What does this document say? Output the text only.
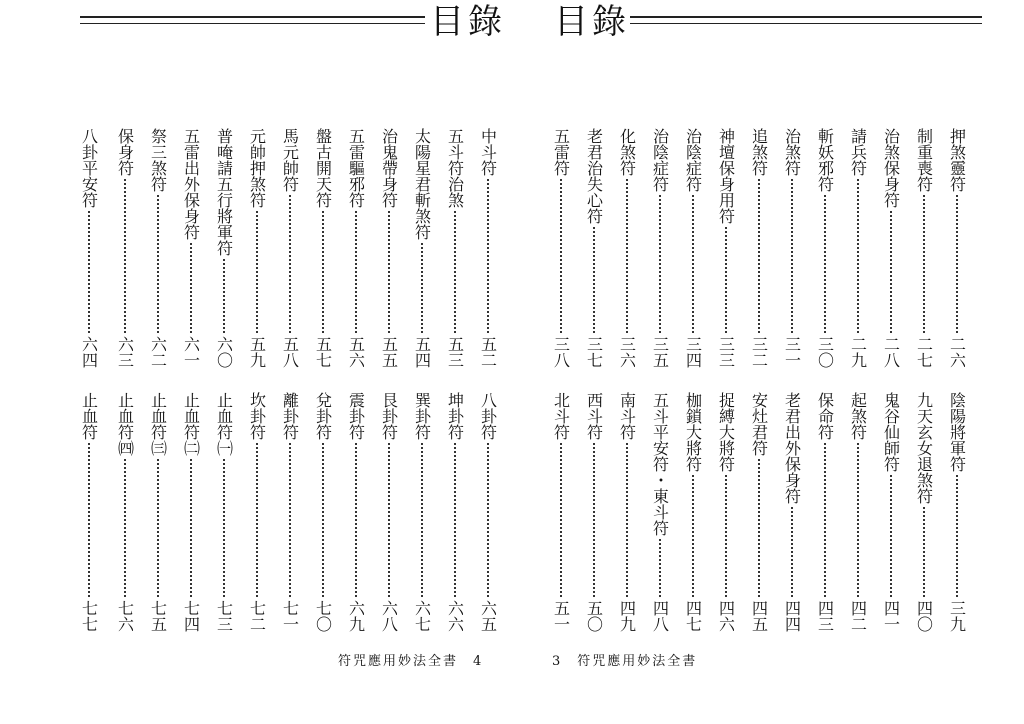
目錄
中斗符
五二
五斗符治煞
五三
太陽星君斬煞符
五四
治鬼帶身符
五五
五雷驅邪符
五六
盤古開天符
五七
馬元帥符
五八
元帥押煞符
五九
普唵請五行將軍符
六〇
五雷出外保身符
六一
祭三煞符
六二
保身符
六三
八卦平安符
六四
八卦符
六五
坤卦符
六六
巽卦符
六七
艮卦符
六八
震卦符
六九
兌卦符
七〇
離卦符
七一
坎卦符
七二
止血符㈠
七三
止血符㈡
七四
止血符㈢
七五
止血符㈣
七六
止血符
七七
符咒應用妙法全書　4
目錄
押煞靈符
二六
制重喪符
二七
治煞保身符
二八
請兵符
二九
斬妖邪符
三〇
治煞符
三一
追煞符
三二
神壇保身用符
三三
治陰症符
三四
治陰症符
三五
化煞符
三六
老君治失心符
三七
五雷符
三八
陰陽將軍符
三九
九天玄女退煞符
四〇
鬼谷仙師符
四一
起煞符
四二
保命符
四三
老君出外保身符
四四
安灶君符
四五
捉縛大將符
四六
枷鎖大將符
四七
五斗平安符・東斗符
四八
南斗符
四九
西斗符
五〇
北斗符
五一
3　符咒應用妙法全書
